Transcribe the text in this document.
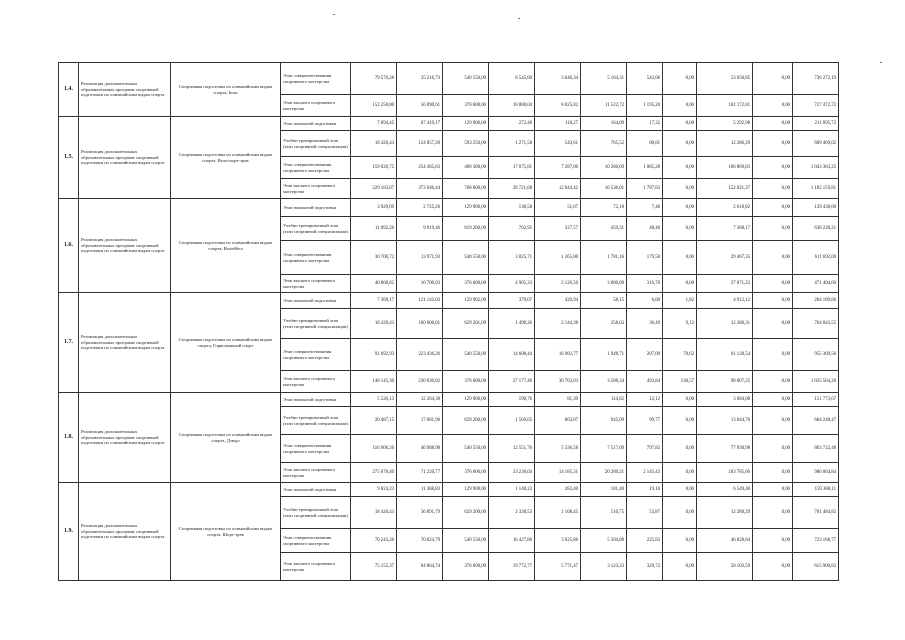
1.4.	Реализация дополнительных образовательных программ спортивной подготовки по олимпийским видам спорта	Спортивная подготовка по олимпийским видам спорта, Бокс	Этап совершенствования спортивного мастерства	79 576,28	35 216,73	540 550,00	8 545,00	3 646,34	5 164,31	543,06	0,00	53 050,85	0,00	736 272,19
			Этап высшего спортивного мастерства	152 258,80	56 090,61	376 600,00	18 888,04	8 025,82	11 522,72	1 195,20	0,00	102 172,81	0,00	727 472,72
1.5.	Реализация дополнительных образовательных программ спортивной подготовки по олимпийским видам спорта	Спортивная подготовка по олимпийским видам спорта, Велоспорт-трек	Этап начальной подготовки	7 894,45	67 419,17	129 900,00	272,48	118,27	164,09	17,32	0,00	5 292,98	0,00	211 095,72
			Учебно-тренировочный этап (этап спортивной специализации)	18 420,43	124 857,20	593 250,00	1 271,58	543,61	765,52	80,81	0,00	12 286,29	0,00	689 469,02
			Этап совершенствования спортивного мастерства	159 020,75	254 385,83	468 300,00	17 075,81	7 287,06	10 280,69	1 085,28	0,00	106 869,83	0,00	1 043 363,25
			Этап высшего спортивного мастерства	229 183,07	373 646,44	768 600,00	28 721,68	12 044,42	16 536,01	1 787,83	0,00	152 821,37	0,00	1 182 159,81
1.6.	Реализация дополнительных образовательных программ спортивной подготовки по олимпийским видам спорта	Спортивная подготовка по олимпийским видам спорта, Волейбол	Этап начальной подготовки	3 929,69	2 725,26	129 900,00	138,58	51,67	72,18	7,46	0,00	2 618,82	0,00	139 438,00
			Учебно-тренировочный этап (этап спортивной специализации)	11 092,26	9 919,46	619 200,00	762,95	327,57	459,31	48,40	0,00	7 368,17	0,00	638 228,21
			Этап совершенствования спортивного мастерства	30 700,72	13 971,93	540 550,00	3 825,71	1 265,80	1 781,16	179,58	0,00	29 467,35	0,00	611 692,09
			Этап высшего спортивного мастерства	40 868,82	16 700,93	376 600,00	4 905,33	2 126,50	3 000,89	316,70	0,00	27 071,22	0,00	471 404,60
1.7.	Реализация дополнительных образовательных программ спортивной подготовки по олимпийским видам спорта	Спортивная подготовка по олимпийским видам спорта, Горнолыжный спорт	Этап начальной подготовки	7 368,17	121 142,03	129 902,00	379,07	420,94	58,15	6,00	1,82	4 912,12	0,00	264 189,66
			Учебно-тренировочный этап (этап спортивной специализации)	18 420,43	100 606,01	629 201,09	1 498,26	2 144,38	258,63	36,49	9,12	12 280,31	0,00	764 843,55
			Этап совершенствования спортивного мастерства	91 692,93	223 436,26	540 550,00	14 608,44	16 982,77	1 948,71	207,09	70,62	61 128,54	0,00	955 369,56
			Этап высшего спортивного мастерства	148 145,30	230 030,82	376 600,00	27 177,46	30 703,03	3 588,34	493,84	130,57	98 807,25	0,00	1 025 564,20
1.8.	Реализация дополнительных образовательных программ спортивной подготовки по олимпийским видам спорта	Спортивная подготовка по олимпийским видам спорта, Дзюдо	Этап начальной подготовки	5 526,13	12 264,30	129 900,00	190,76	81,39	114,82	12,12	0,00	3 684,08	0,00	151 773,67
			Учебно-тренировочный этап (этап спортивной специализации)	20 487,15	17 681,96	629 200,00	1 569,65	663,87	945,09	99,77	0,00	13 644,76	0,00	684 248,47
			Этап совершенствования спортивного мастерства	116 906,26	46 988,98	540 550,00	12 551,76	5 336,58	7 517,09	797,83	0,00	77 930,98	0,00	803 722,48
			Этап высшего спортивного мастерства	275 678,40	71 220,77	376 600,00	33 238,04	14 185,31	20 289,21	2 145,43	0,00	183 785,66	0,00	986 064,84
1.9.	Реализация дополнительных образовательных программ спортивной подготовки по олимпийским видам спорта	Спортивная подготовка по олимпийским видам спорта, Шорт-трек	Этап начальной подготовки	9 824,23	11 388,83	129 900,00	1 148,23	283,40	181,40	19,16	0,00	6 549,48	0,00	159 368,11
			Учебно-тренировочный этап (этап спортивной специализации)	18 420,43	36 891,79	629 200,00	2 338,53	1 108,45	510,75	53,87	0,00	12 280,29	0,00	701 484,83
			Этап совершенствования спортивного мастерства	70 243,26	70 824,79	540 550,00	16 427,80	3 625,86	5 394,88	225,83	0,00	46 828,84	0,00	723 168,77
			Этап высшего спортивного мастерства	75 155,37	84 864,74	376 600,00	19 772,77	5 771,47	3 123,33	329,72	0,00	50 103,59	0,00	615 900,83
